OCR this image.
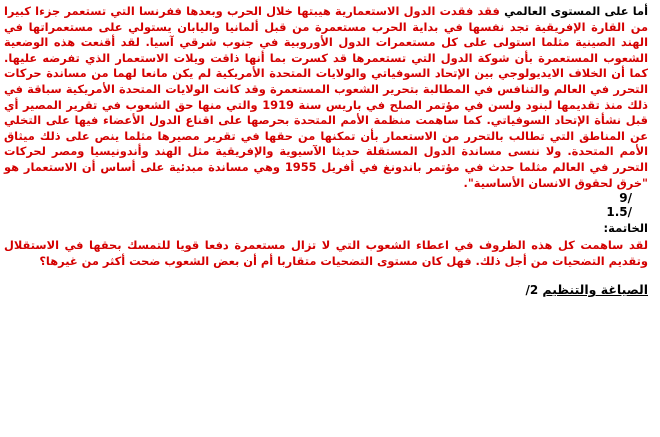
أما على المستوى العالمي فقد فقدت الدول الاستعمارية هيبتها خلال الحرب وبعدها ففرنسا التي تستعمر جزءا كبيرا من القارة الإفريقية تجد نفسها في بداية الحرب مستعمرة من قبل ألمانيا واليابان يستولي على مستعمراتها في الهند الصينية مثلما استولى على كل مستعمرات الدول الأوروبية في جنوب شرقي آسيا. لقد أقنعت هذه الوضعية الشعوب المستعمرة بأن شوكة الدول التي تستعمرها قد كسرت بما أنها ذاقت ويلات الاستعمار الذي تفرضه عليها. كما أن الخلاف الايديولوجي بين الإتحاد السوفياتي والولايات المتحدة الأمريكية لم يكن مانعا لهما من مساندة حركات التحرر في العالم والتنافس في المطالبة بتحرير الشعوب المستعمرة وقد كانت الولايات المتحدة الأمريكية سباقة في ذلك منذ تقديمها لبنود ولسن في مؤتمر الصلح في باريس سنة 1919 والتي منها حق الشعوب في تقرير المصير أي قبل نشأة الإتحاد السوفياتي. كما ساهمت منظمة الأمم المتحدة بحرصها على اقناع الدول الأعضاء فيها على التخلي عن المناطق التي تطالب بالتحرر من الاستعمار بأن تمكنها من حقها في تقرير مصيرها مثلما ينص على ذلك ميثاق الأمم المتحدة. ولا ننسى مساندة الدول المستقلة حديثا الآسيوية والإفريقية مثل الهند وأندونيسيا ومصر لحركات التحرر في العالم مثلما حدث في مؤتمر باندونغ في أفريل 1955 وهي مساندة مبدئية على أساس أن الاستعمار هو "خرق لحقوق الانسان الأساسية".

/9
/1.5
الخاتمة:

لقد ساهمت كل هذه الظروف في اعطاء الشعوب التي لا تزال مستعمرة دفعا قويا للتمسك بحقها في الاستقلال وتقديم التضحيات من أجل ذلك. فهل كان مستوى التضحيات متقاربا أم أن بعض الشعوب ضحت أكثر من غيرها؟

الصياغة والتنظيم 2/
